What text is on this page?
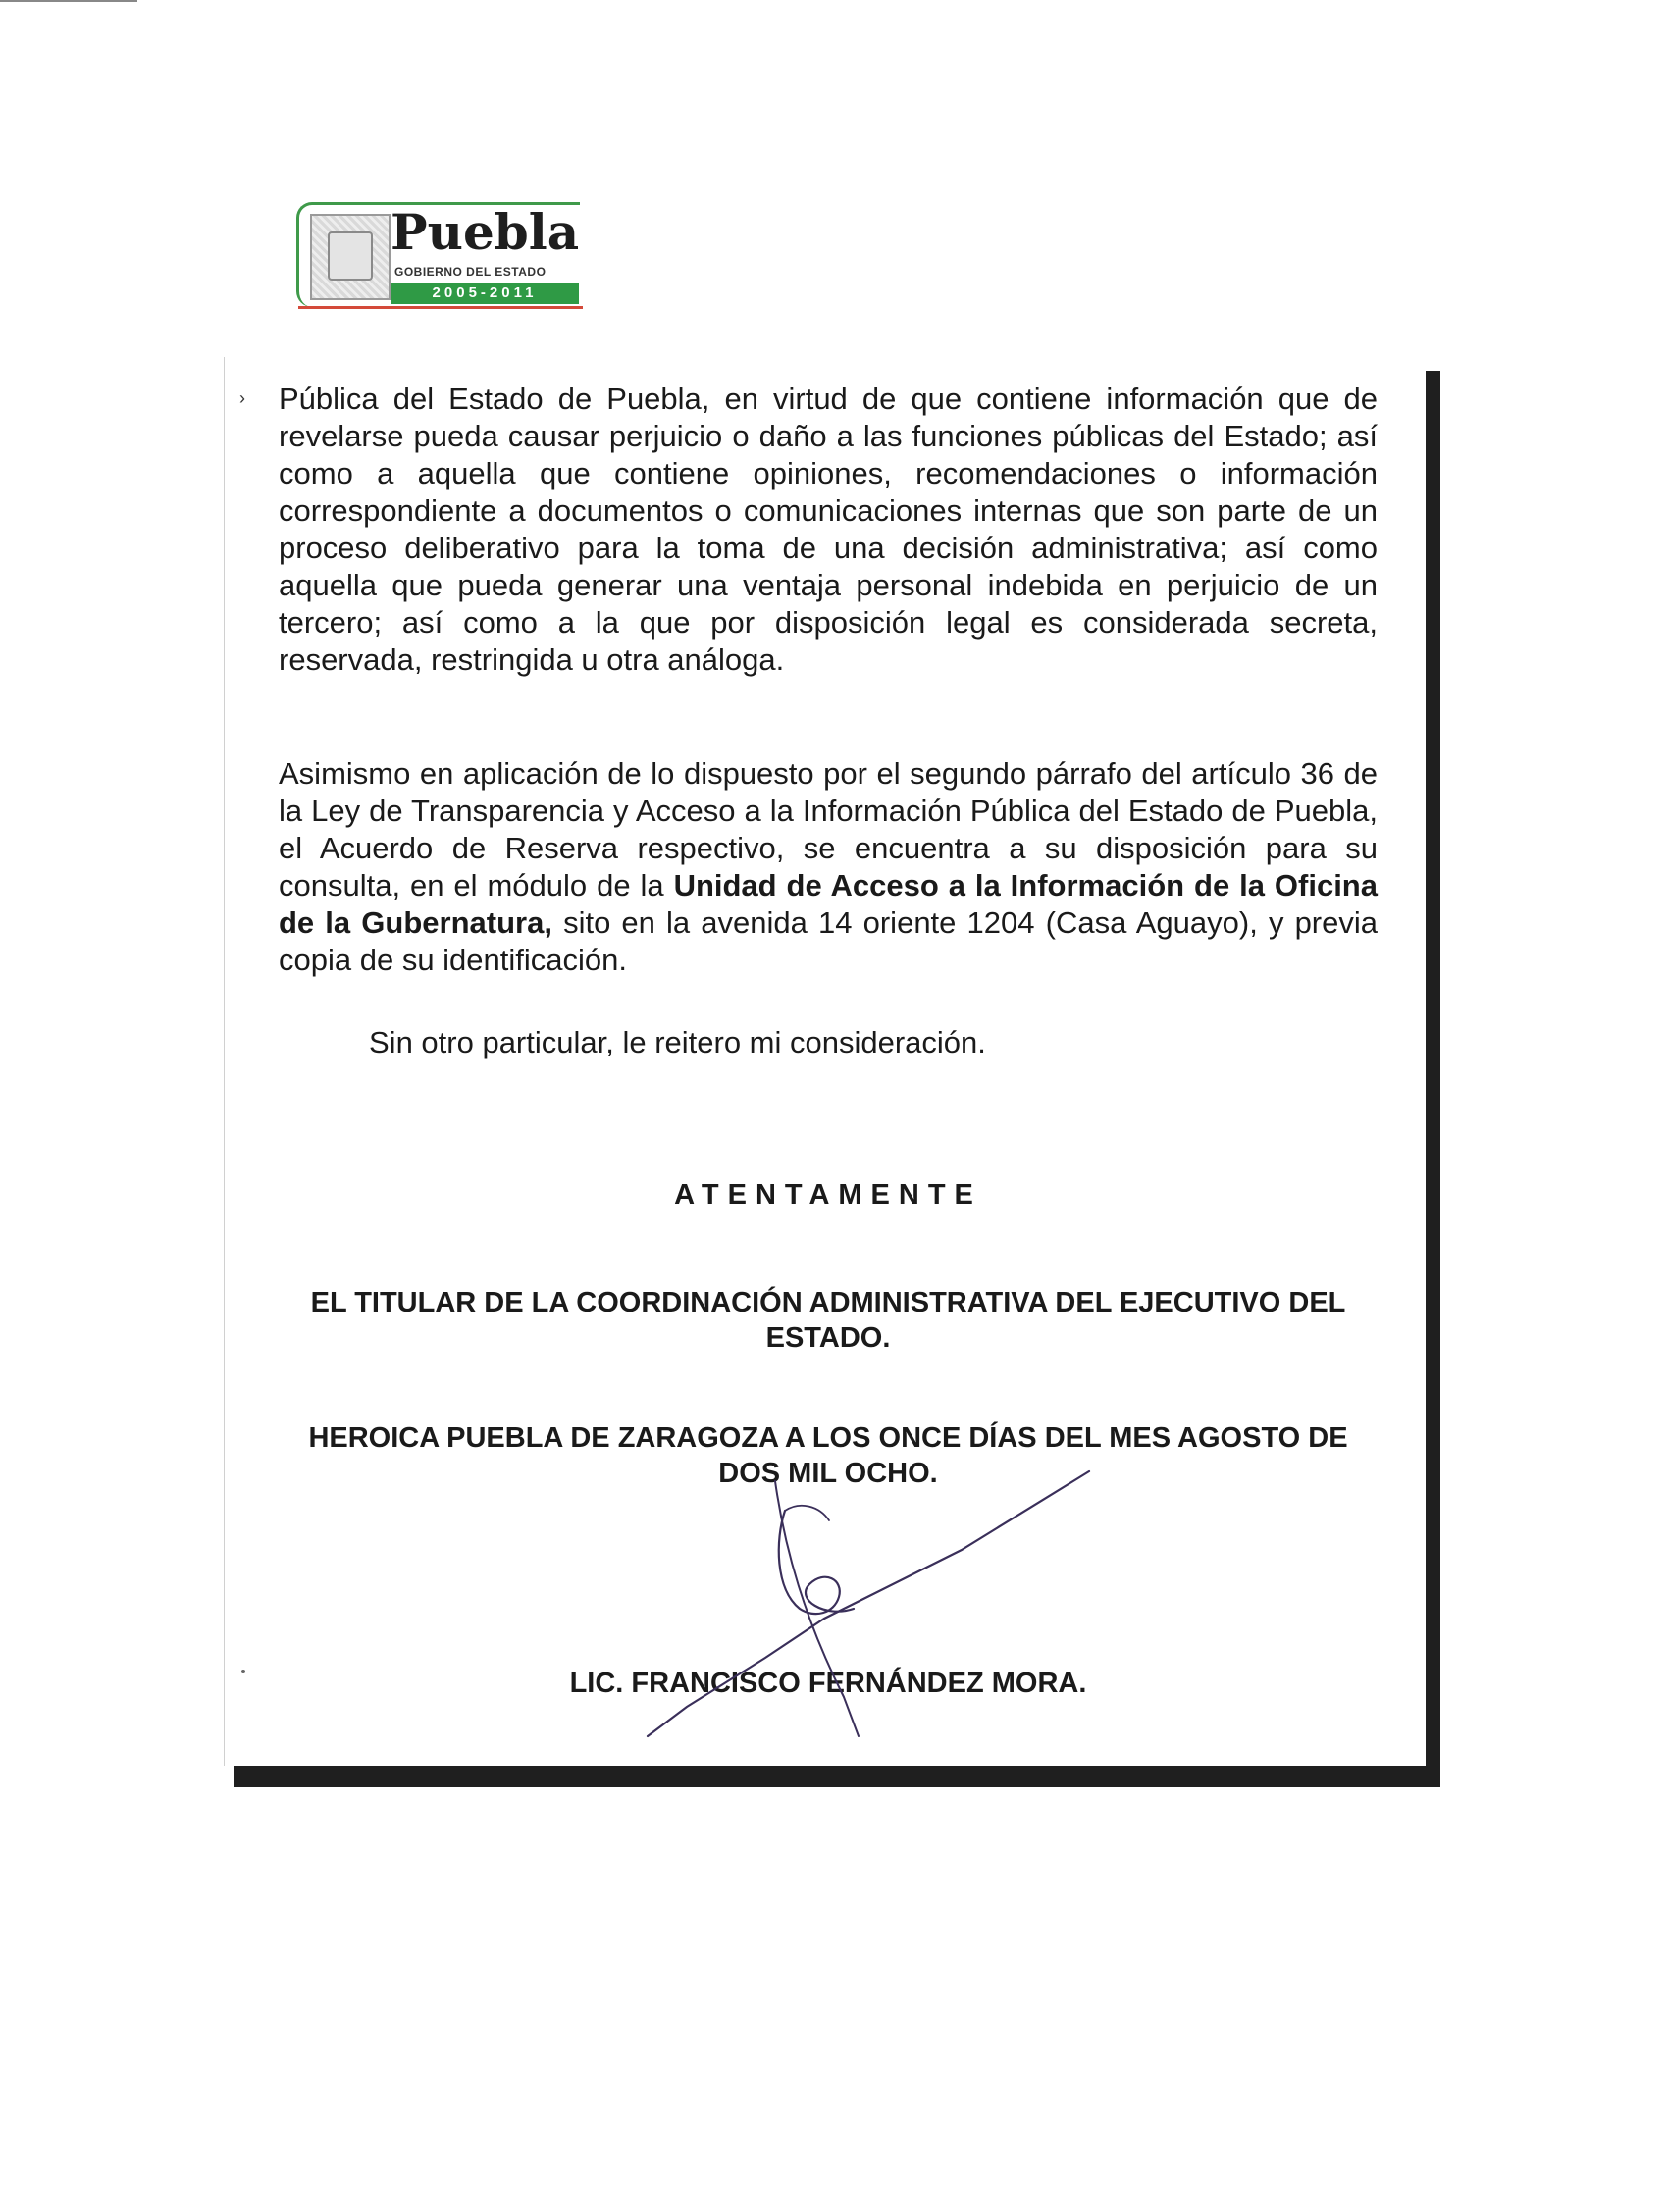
Puebla
GOBIERNO DEL ESTADO
2005-2011
› Pública del Estado de Puebla, en virtud de que contiene información que de revelarse pueda causar perjuicio o daño a las funciones públicas del Estado; así como a aquella que contiene opiniones, recomendaciones o información correspondiente a documentos o comunicaciones internas que son parte de un proceso deliberativo para la toma de una decisión administrativa; así como aquella que pueda generar una ventaja personal indebida en perjuicio de un tercero; así como a la que por disposición legal es considerada secreta, reservada, restringida u otra análoga.

Asimismo en aplicación de lo dispuesto por el segundo párrafo del artículo 36 de la Ley de Transparencia y Acceso a la Información Pública del Estado de Puebla, el Acuerdo de Reserva respectivo, se encuentra a su disposición para su consulta, en el módulo de la Unidad de Acceso a la Información de la Oficina de la Gubernatura, sito en la avenida 14 oriente 1204 (Casa Aguayo), y previa copia de su identificación.

Sin otro particular, le reitero mi consideración.

ATENTAMENTE

EL TITULAR DE LA COORDINACIÓN ADMINISTRATIVA DEL EJECUTIVO DEL ESTADO.

HEROICA PUEBLA DE ZARAGOZA A LOS ONCE DÍAS DEL MES AGOSTO DE DOS MIL OCHO.

LIC. FRANCISCO FERNÁNDEZ MORA.
